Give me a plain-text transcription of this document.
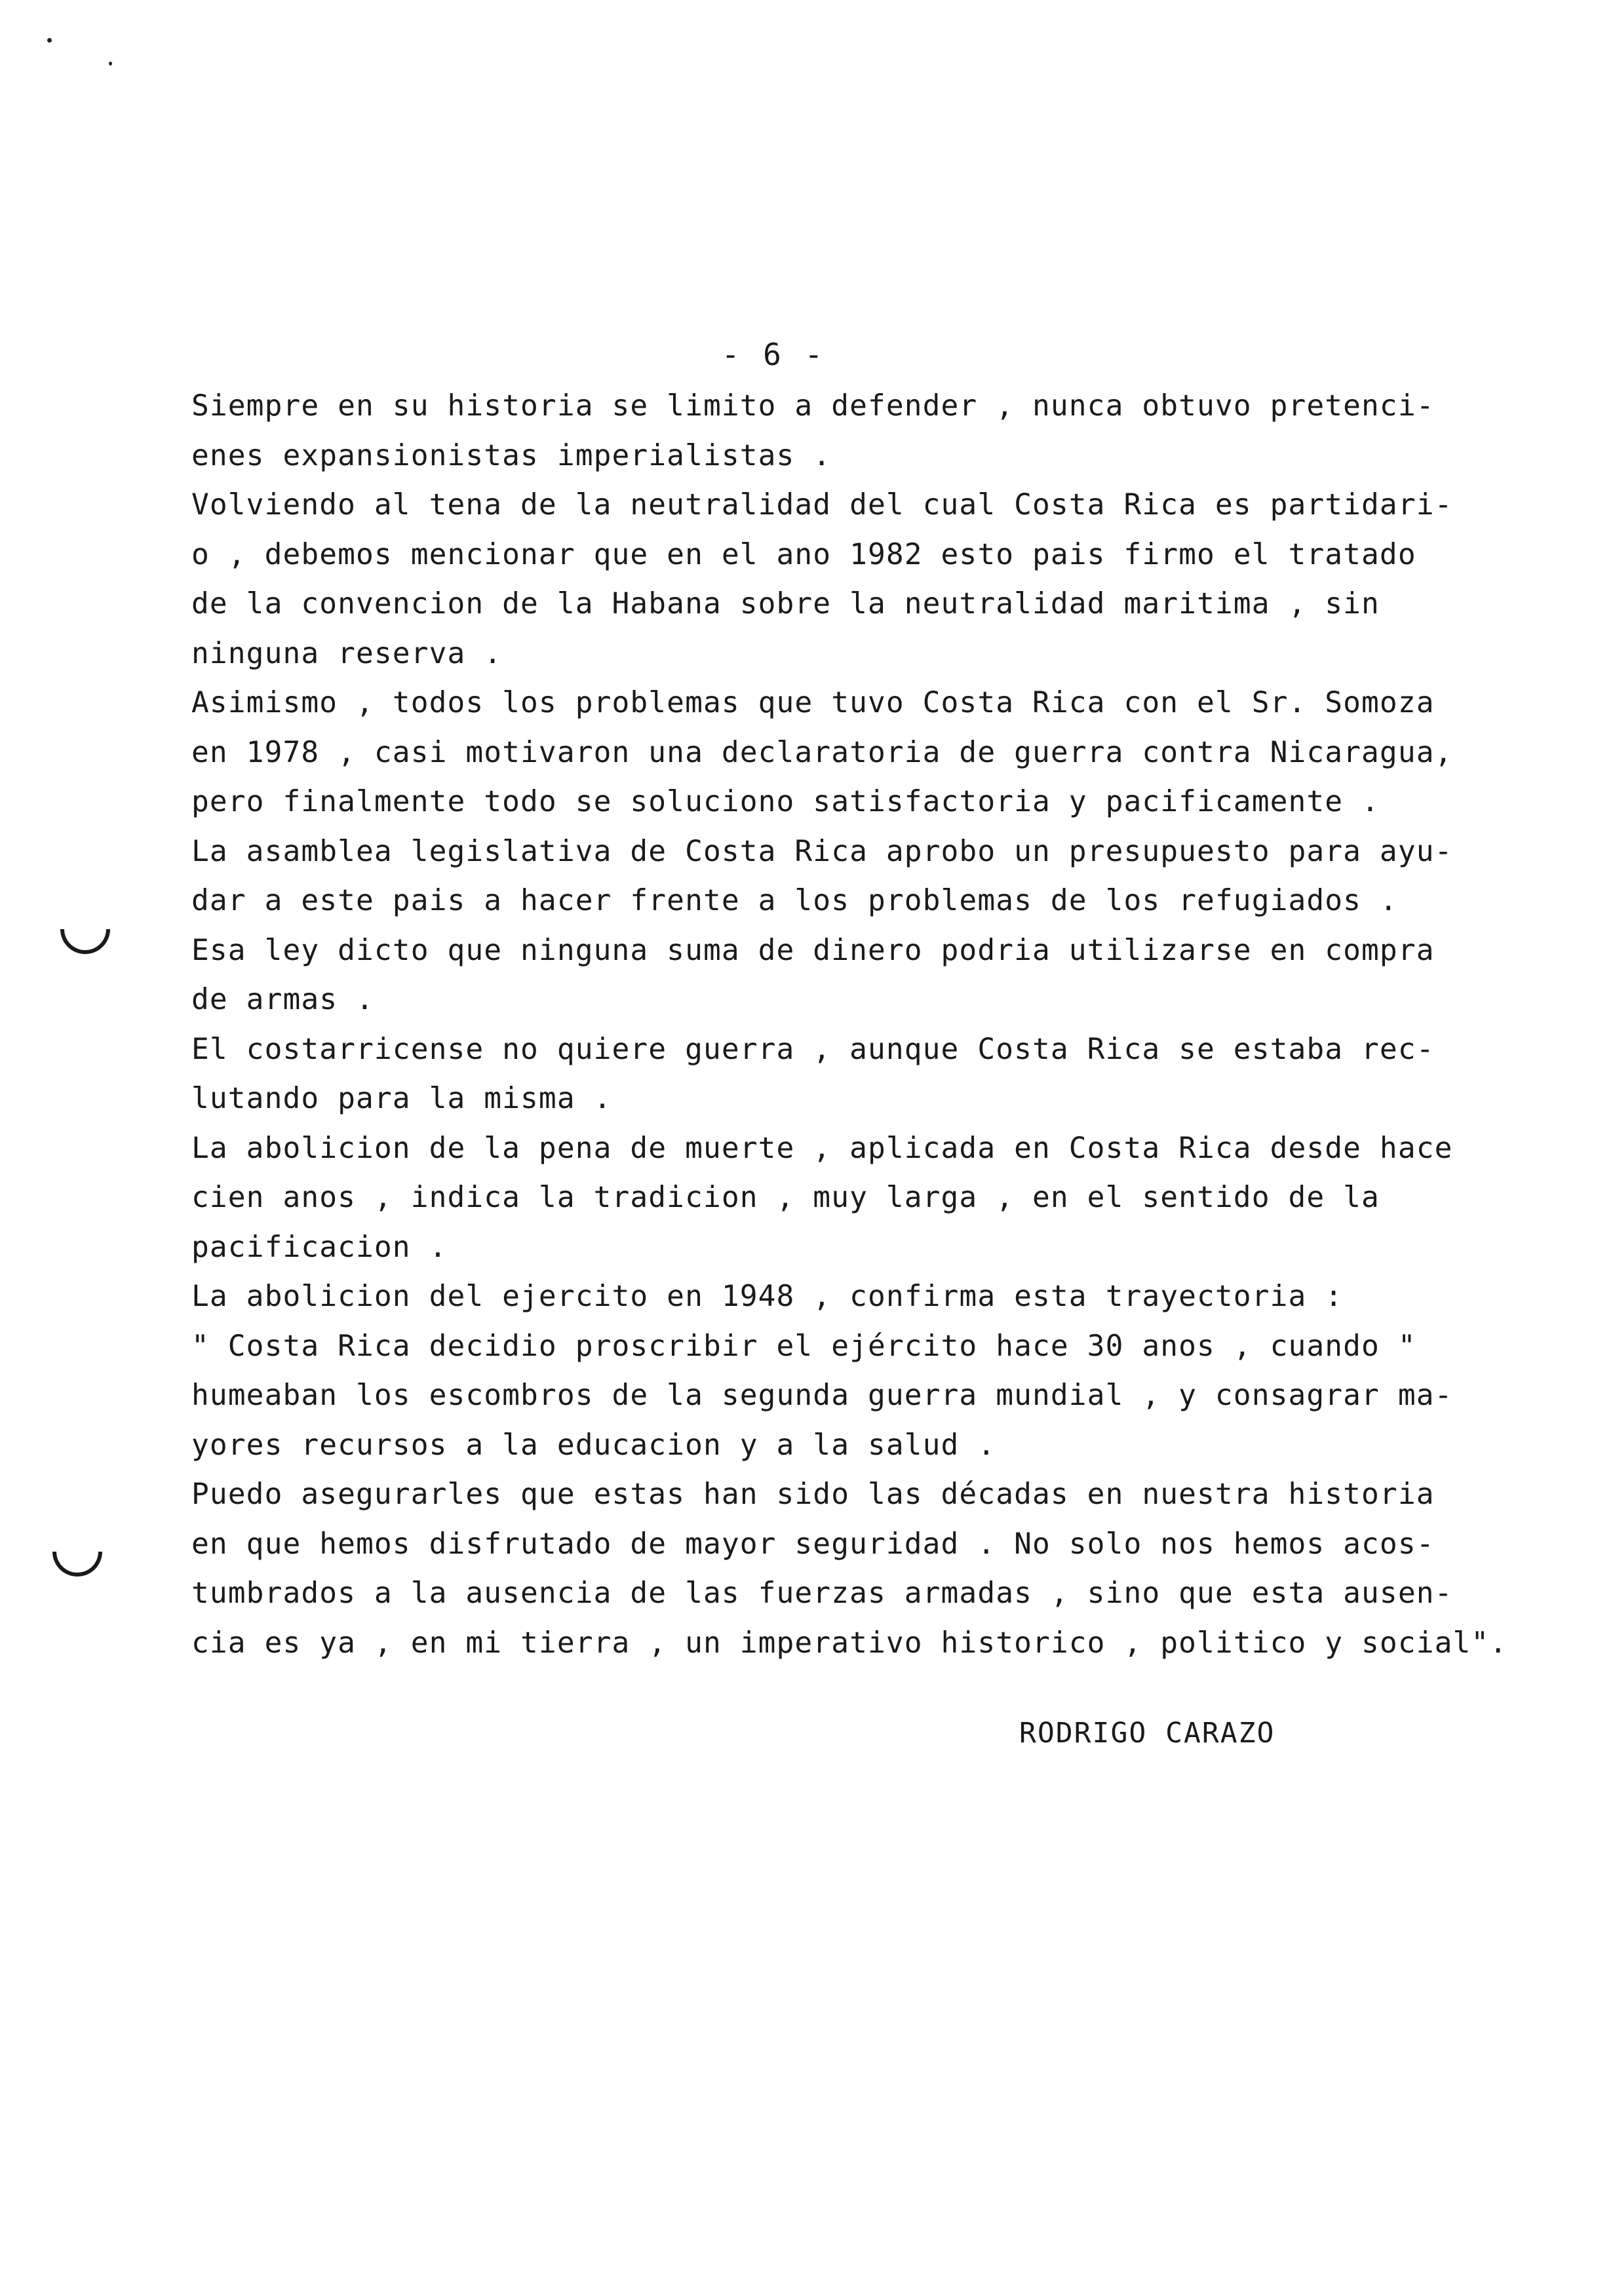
- 6 -
Siempre en su historia se limito a defender , nunca obtuvo pretenci-
enes expansionistas imperialistas .
Volviendo al tena de la neutralidad del cual Costa Rica es partidari-
o , debemos mencionar que en el ano 1982 esto pais firmo el tratado
de la convencion de la Habana sobre la neutralidad maritima , sin
ninguna reserva .
Asimismo , todos los problemas que tuvo Costa Rica con el Sr. Somoza
en 1978 , casi motivaron una declaratoria de guerra contra Nicaragua,
pero finalmente todo se soluciono satisfactoria y pacificamente .
La asamblea legislativa de Costa Rica aprobo un presupuesto para ayu-
dar a este pais a hacer frente a los problemas de los refugiados .
Esa ley dicto que ninguna suma de dinero podria utilizarse en compra
de armas .
El costarricense no quiere guerra , aunque Costa Rica se estaba rec-
lutando para la misma .
La abolicion de la pena de muerte , aplicada en Costa Rica desde hace
cien anos , indica la tradicion , muy larga , en el sentido de la
pacificacion .
La abolicion del ejercito en 1948 , confirma esta trayectoria :
" Costa Rica decidio proscribir el ejército hace 30 anos , cuando "
humeaban los escombros de la segunda guerra mundial , y consagrar ma-
yores recursos a la educacion y a la salud .
Puedo asegurarles que estas han sido las décadas en nuestra historia
en que hemos disfrutado de mayor seguridad . No solo nos hemos acos-
tumbrados a la ausencia de las fuerzas armadas , sino que esta ausen-
cia es ya , en mi tierra , un imperativo historico , politico y social".
RODRIGO CARAZO
